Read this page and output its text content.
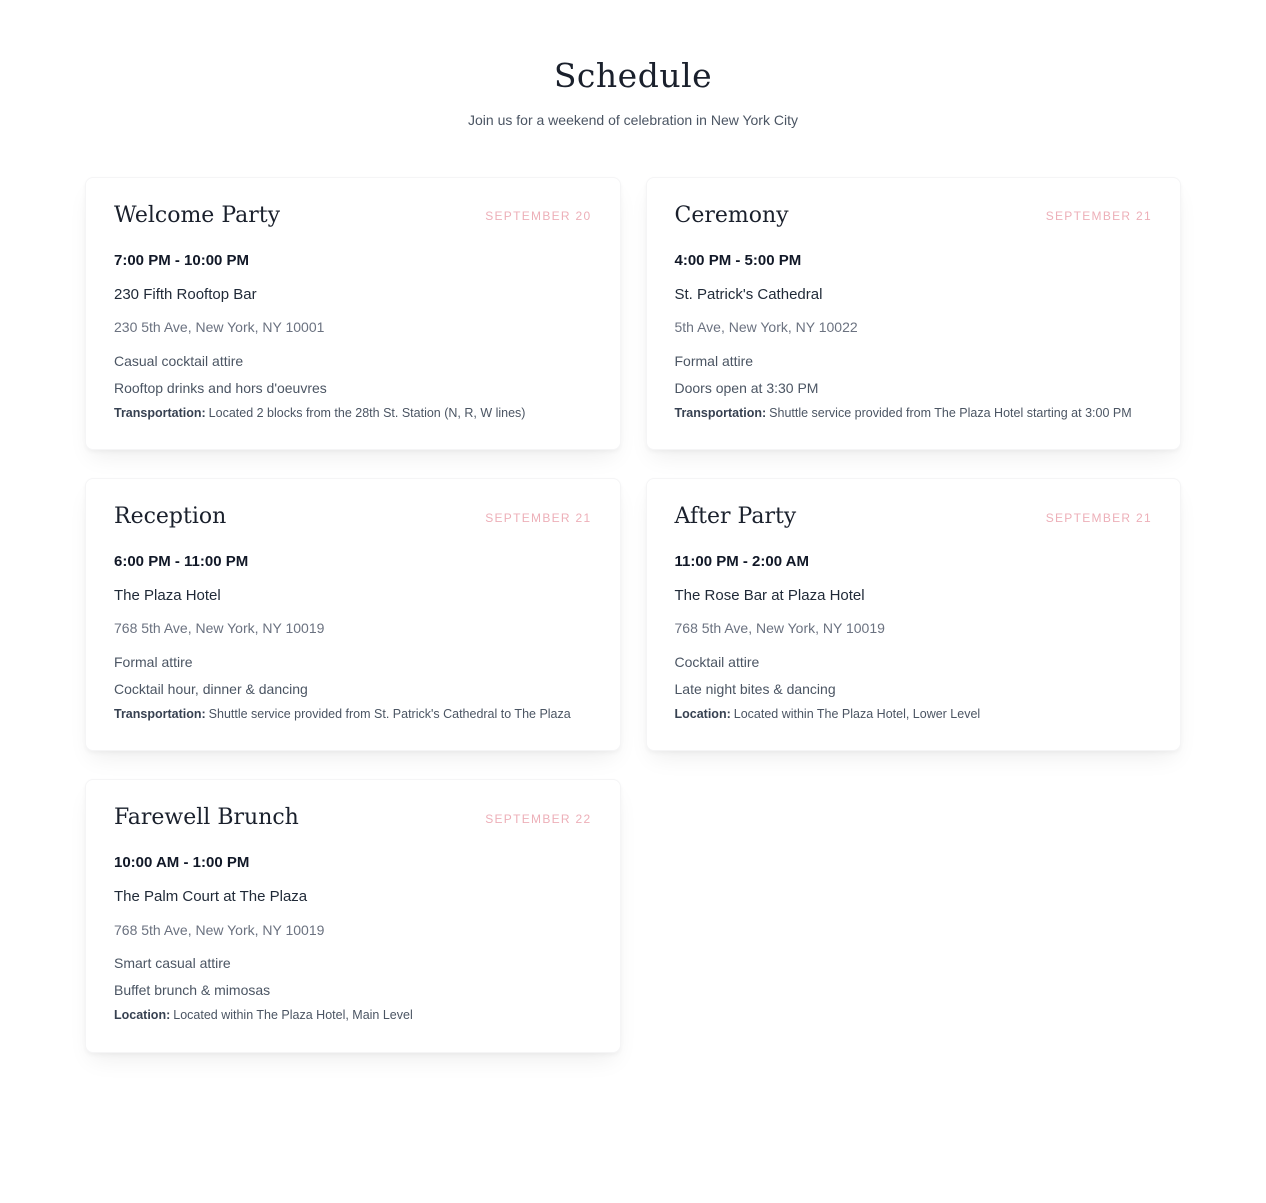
Schedule

Join us for a weekend of celebration in New York City

Welcome Party	SEPTEMBER 20

7:00 PM - 10:00 PM

230 Fifth Rooftop Bar

230 5th Ave, New York, NY 10001

Casual cocktail attire

Rooftop drinks and hors d'oeuvres

Transportation: Located 2 blocks from the 28th St. Station (N, R, W lines)

Ceremony	SEPTEMBER 21

4:00 PM - 5:00 PM

St. Patrick's Cathedral

5th Ave, New York, NY 10022

Formal attire

Doors open at 3:30 PM

Transportation: Shuttle service provided from The Plaza Hotel starting at 3:00 PM

Reception	SEPTEMBER 21

6:00 PM - 11:00 PM

The Plaza Hotel

768 5th Ave, New York, NY 10019

Formal attire

Cocktail hour, dinner & dancing

Transportation: Shuttle service provided from St. Patrick's Cathedral to The Plaza

After Party	SEPTEMBER 21

11:00 PM - 2:00 AM

The Rose Bar at Plaza Hotel

768 5th Ave, New York, NY 10019

Cocktail attire

Late night bites & dancing

Location: Located within The Plaza Hotel, Lower Level

Farewell Brunch	SEPTEMBER 22

10:00 AM - 1:00 PM

The Palm Court at The Plaza

768 5th Ave, New York, NY 10019

Smart casual attire

Buffet brunch & mimosas

Location: Located within The Plaza Hotel, Main Level
